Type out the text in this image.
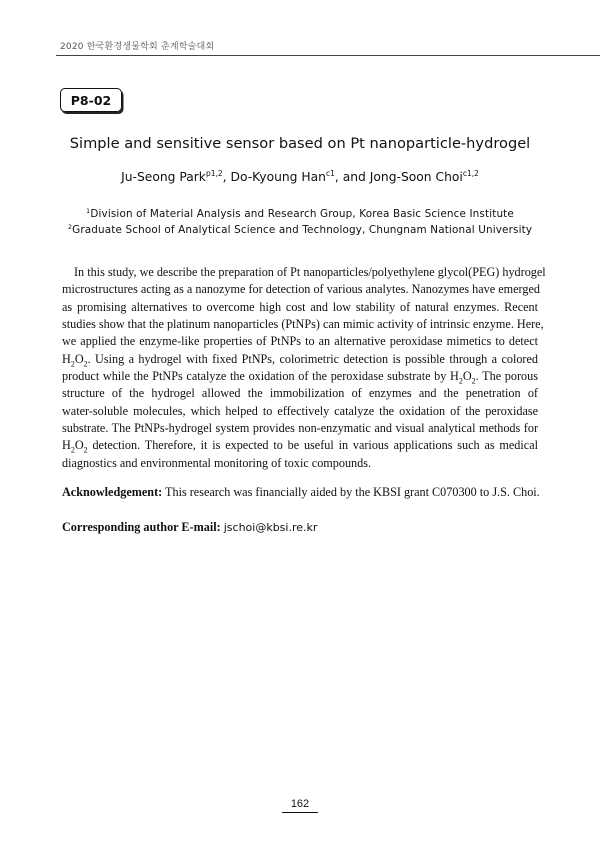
2020 한국환경생물학회 춘계학술대회
P8-02
Simple and sensitive sensor based on Pt nanoparticle-hydrogel
Ju-Seong Park$^{p1,2}$, Do-Kyoung Han$^{c1}$, and Jong-Soon Choi$^{c1,2}$
$^1$Division of Material Analysis and Research Group, Korea Basic Science Institute
$^2$Graduate School of Analytical Science and Technology, Chungnam National University
In this study, we describe the preparation of Pt nanoparticles/polyethylene glycol(PEG) hydrogel
microstructures acting as a nanozyme for detection of various analytes. Nanozymes have emerged
as promising alternatives to overcome high cost and low stability of natural enzymes. Recent
studies show that the platinum nanoparticles (PtNPs) can mimic activity of intrinsic enzyme. Here,
we applied the enzyme-like properties of PtNPs to an alternative peroxidase mimetics to detect
$H_2O_2$. Using a hydrogel with fixed PtNPs, colorimetric detection is possible through a colored
product while the PtNPs catalyze the oxidation of the peroxidase substrate by $H_2O_2$. The porous
structure of the hydrogel allowed the immobilization of enzymes and the penetration of
water-soluble molecules, which helped to effectively catalyze the oxidation of the peroxidase
substrate. The PtNPs-hydrogel system provides non-enzymatic and visual analytical methods for
$H_2O_2$ detection. Therefore, it is expected to be useful in various applications such as medical
diagnostics and environmental monitoring of toxic compounds.
Acknowledgement: This research was financially aided by the KBSI grant C070300 to J.S. Choi.
Corresponding author E-mail: jschoi@kbsi.re.kr
162
